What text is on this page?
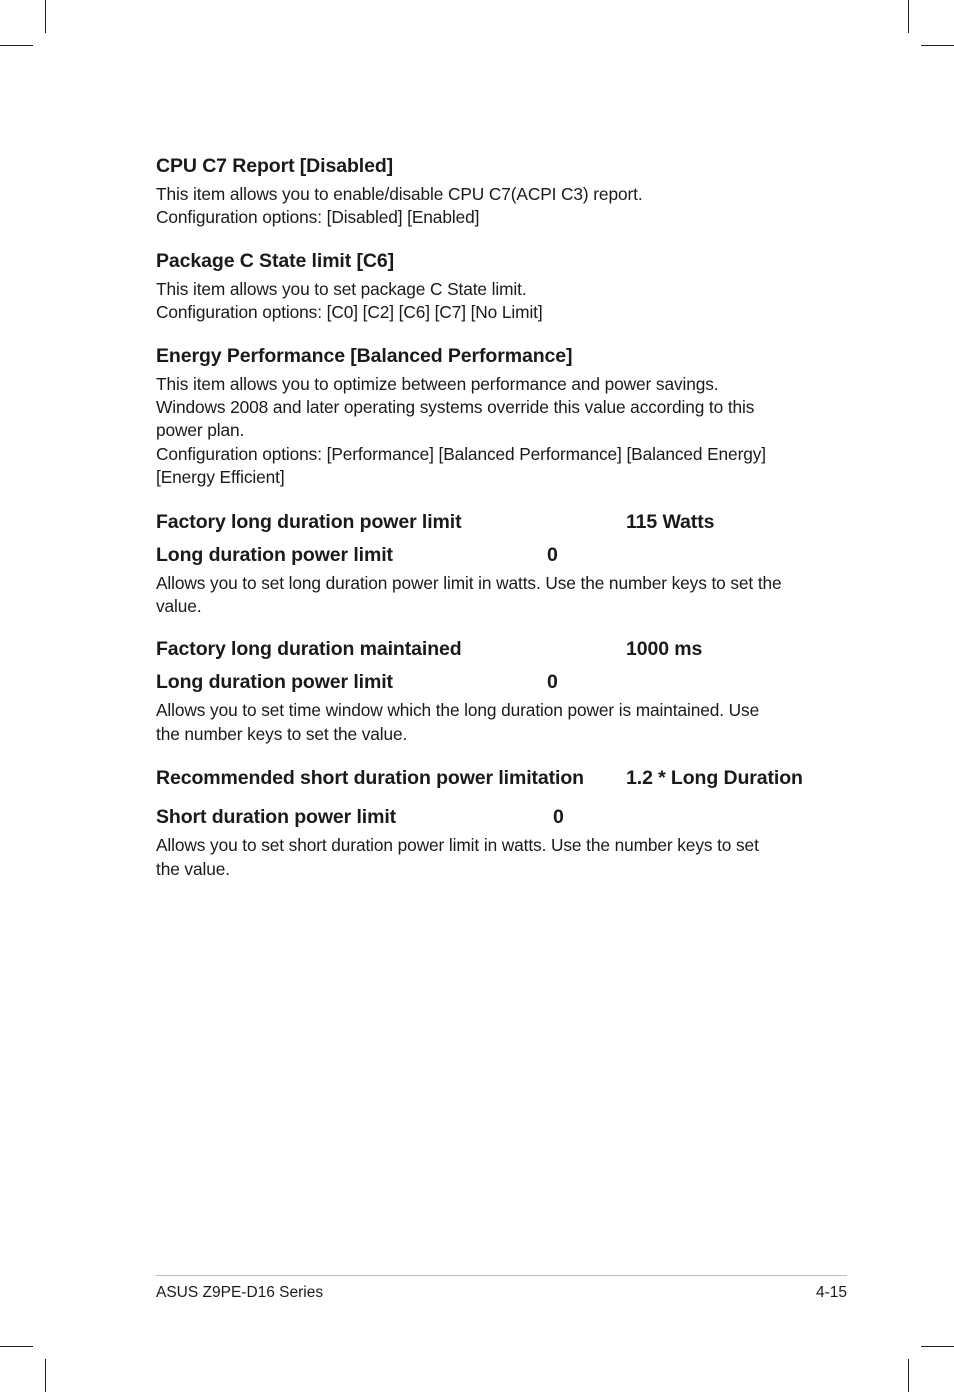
CPU C7 Report [Disabled]

This item allows you to enable/disable CPU C7(ACPI C3) report.
Configuration options: [Disabled] [Enabled]

Package C State limit [C6]

This item allows you to set package C State limit.
Configuration options: [C0] [C2] [C6] [C7] [No Limit]

Energy Performance [Balanced Performance]

This item allows you to optimize between performance and power savings.
Windows 2008 and later operating systems override this value according to this
power plan.
Configuration options: [Performance] [Balanced Performance] [Balanced Energy]
[Energy Efficient]

Factory long duration power limit	115 Watts
Long duration power limit	0

Allows you to set long duration power limit in watts. Use the number keys to set the
value.

Factory long duration maintained	1000 ms
Long duration power limit	0

Allows you to set time window which the long duration power is maintained. Use
the number keys to set the value.

Recommended short duration power limitation 1.2 * Long Duration
Short duration power limit	0

Allows you to set short duration power limit in watts. Use the number keys to set
the value.

ASUS Z9PE-D16 Series	4-15
